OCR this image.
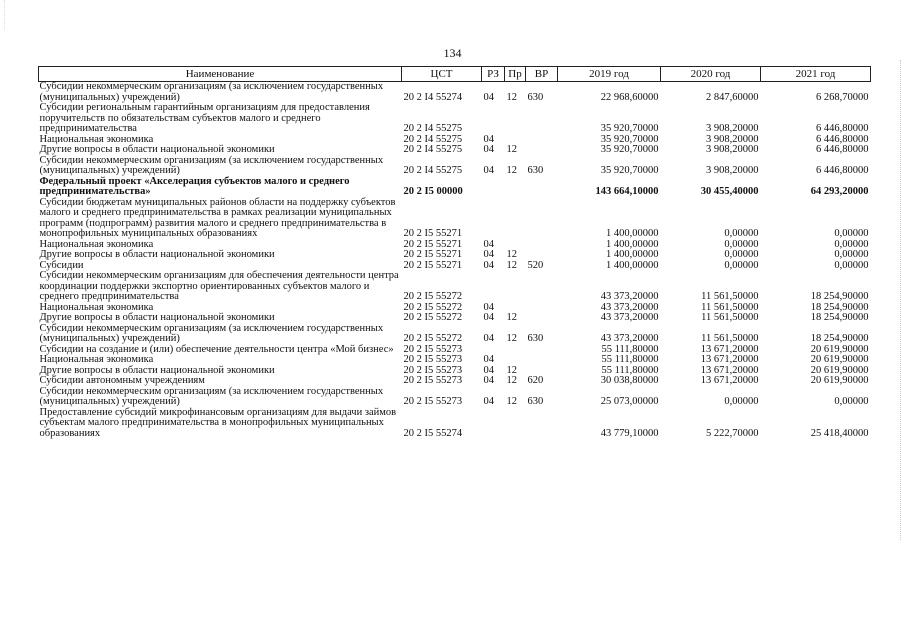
134
Наименование	ЦСТ	РЗ	Пр	ВР	2019 год	2020 год	2021 год
Субсидии некоммерческим организациям (за исключением государственных (муниципальных) учреждений)	20 2 I4 55274	04	12	630	22 968,60000	2 847,60000	6 268,70000
Субсидии региональным гарантийным организациям для предоставления поручительств по обязательствам субъектов малого и среднего предпринимательства	20 2 I4 55275				35 920,70000	3 908,20000	6 446,80000
Национальная экономика	20 2 I4 55275	04			35 920,70000	3 908,20000	6 446,80000
Другие вопросы в области национальной экономики	20 2 I4 55275	04	12		35 920,70000	3 908,20000	6 446,80000
Субсидии некоммерческим организациям (за исключением государственных (муниципальных) учреждений)	20 2 I4 55275	04	12	630	35 920,70000	3 908,20000	6 446,80000
Федеральный проект «Акселерация субъектов малого и среднего предпринимательства»	20 2 I5 00000				143 664,10000	30 455,40000	64 293,20000
Субсидии бюджетам муниципальных районов области на поддержку субъектов малого и среднего предпринимательства в рамках реализации муниципальных программ (подпрограмм) развития малого и среднего предпринимательства в монопрофильных муниципальных образованиях	20 2 I5 55271				1 400,00000	0,00000	0,00000
Национальная экономика	20 2 I5 55271	04			1 400,00000	0,00000	0,00000
Другие вопросы в области национальной экономики	20 2 I5 55271	04	12		1 400,00000	0,00000	0,00000
Субсидии	20 2 I5 55271	04	12	520	1 400,00000	0,00000	0,00000
Субсидии некоммерческим организациям для обеспечения деятельности центра координации поддержки экспортно ориентированных субъектов малого и среднего предпринимательства	20 2 I5 55272				43 373,20000	11 561,50000	18 254,90000
Национальная экономика	20 2 I5 55272	04			43 373,20000	11 561,50000	18 254,90000
Другие вопросы в области национальной экономики	20 2 I5 55272	04	12		43 373,20000	11 561,50000	18 254,90000
Субсидии некоммерческим организациям (за исключением государственных (муниципальных) учреждений)	20 2 I5 55272	04	12	630	43 373,20000	11 561,50000	18 254,90000
Субсидии на создание и (или) обеспечение деятельности центра «Мой бизнес»	20 2 I5 55273				55 111,80000	13 671,20000	20 619,90000
Национальная экономика	20 2 I5 55273	04			55 111,80000	13 671,20000	20 619,90000
Другие вопросы в области национальной экономики	20 2 I5 55273	04	12		55 111,80000	13 671,20000	20 619,90000
Субсидии автономным учреждениям	20 2 I5 55273	04	12	620	30 038,80000	13 671,20000	20 619,90000
Субсидии некоммерческим организациям (за исключением государственных (муниципальных) учреждений)	20 2 I5 55273	04	12	630	25 073,00000	0,00000	0,00000
Предоставление субсидий микрофинансовым организациям для выдачи займов субъектам малого предпринимательства в монопрофильных муниципальных образованиях	20 2 I5 55274				43 779,10000	5 222,70000	25 418,40000
